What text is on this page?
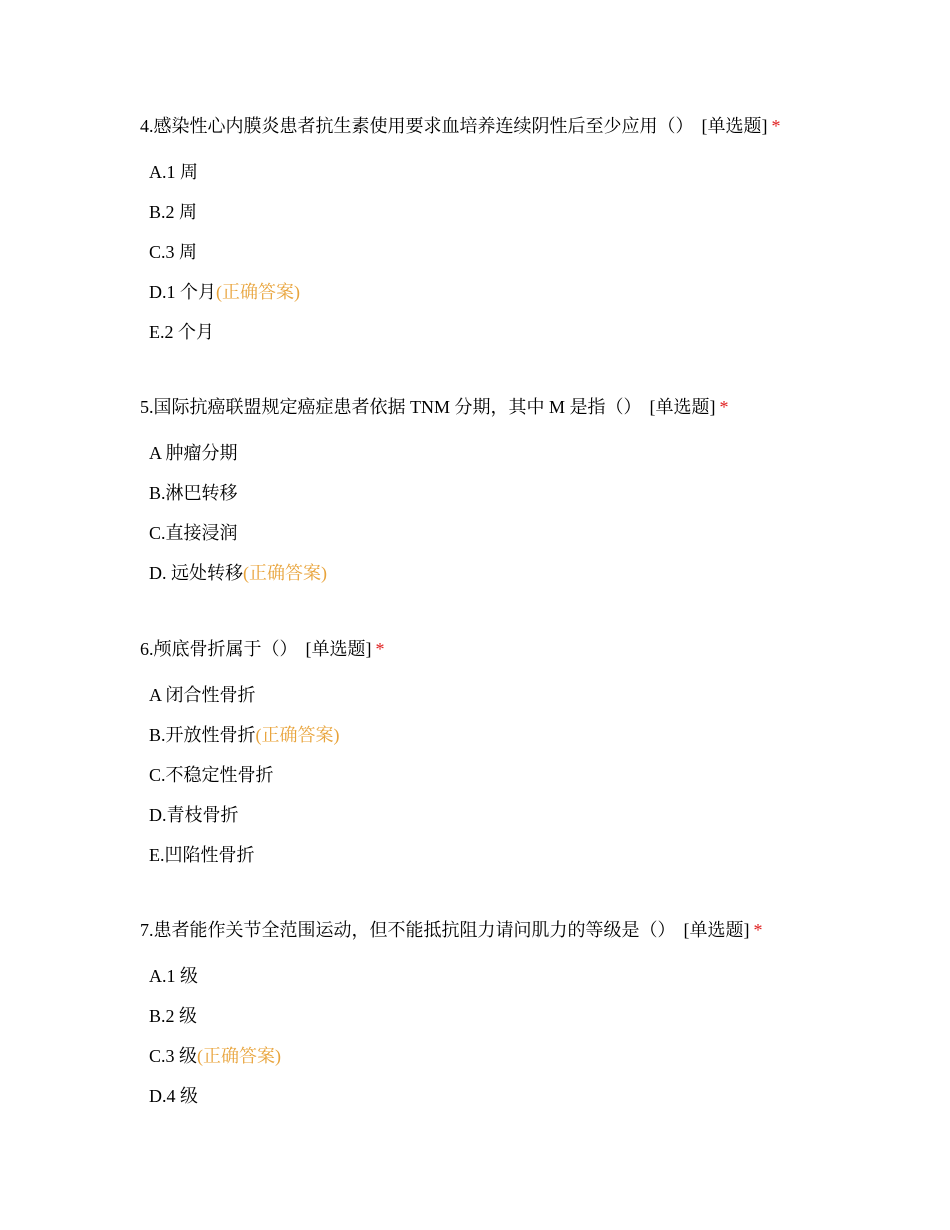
4.感染性心内膜炎患者抗生素使用要求血培养连续阴性后至少应用（） [单选题] *
A.1 周
B.2 周
C.3 周
D.1 个月(正确答案)
E.2 个月
5.国际抗癌联盟规定癌症患者依据 TNM 分期，其中 M 是指（） [单选题] *
A 肿瘤分期
B.淋巴转移
C.直接浸润
D. 远处转移(正确答案)
6.颅底骨折属于（） [单选题] *
A 闭合性骨折
B.开放性骨折(正确答案)
C.不稳定性骨折
D.青枝骨折
E.凹陷性骨折
7.患者能作关节全范围运动，但不能抵抗阻力请问肌力的等级是（） [单选题] *
A.1 级
B.2 级
C.3 级(正确答案)
D.4 级
